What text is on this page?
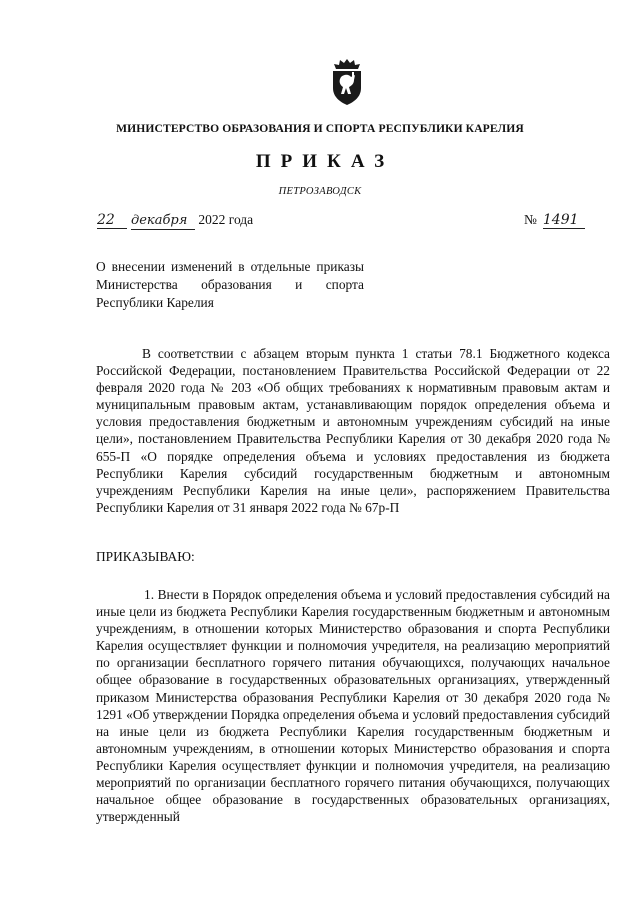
МИНИСТЕРСТВО ОБРАЗОВАНИЯ И СПОРТА РЕСПУБЛИКИ КАРЕЛИЯ
ПРИКАЗ
ПЕТРОЗАВОДСК
22 декабря 2022 года	№ 1491
О внесении изменений в отдельные приказы Министерства образования и спорта Республики Карелия
В соответствии с абзацем вторым пункта 1 статьи 78.1 Бюджетного кодекса Российской Федерации, постановлением Правительства Российской Федерации от 22 февраля 2020 года № 203 «Об общих требованиях к нормативным правовым актам и муниципальным правовым актам, устанавливающим порядок определения объема и условия предоставления бюджетным и автономным учреждениям субсидий на иные цели», постановлением Правительства Республики Карелия от 30 декабря 2020 года № 655-П «О порядке определения объема и условиях предоставления из бюджета Республики Карелия субсидий государственным бюджетным и автономным учреждениям Республики Карелия на иные цели», распоряжением Правительства Республики Карелия от 31 января 2022 года № 67р-П
ПРИКАЗЫВАЮ:
1. Внести в Порядок определения объема и условий предоставления субсидий на иные цели из бюджета Республики Карелия государственным бюджетным и автономным учреждениям, в отношении которых Министерство образования и спорта Республики Карелия осуществляет функции и полномочия учредителя, на реализацию мероприятий по организации бесплатного горячего питания обучающихся, получающих начальное общее образование в государственных образовательных организациях, утвержденный приказом Министерства образования Республики Карелия от 30 декабря 2020 года № 1291 «Об утверждении Порядка определения объема и условий предоставления субсидий на иные цели из бюджета Республики Карелия государственным бюджетным и автономным учреждениям, в отношении которых Министерство образования и спорта Республики Карелия осуществляет функции и полномочия учредителя, на реализацию мероприятий по организации бесплатного горячего питания обучающихся, получающих начальное общее образование в государственных образовательных организациях, утвержденный
